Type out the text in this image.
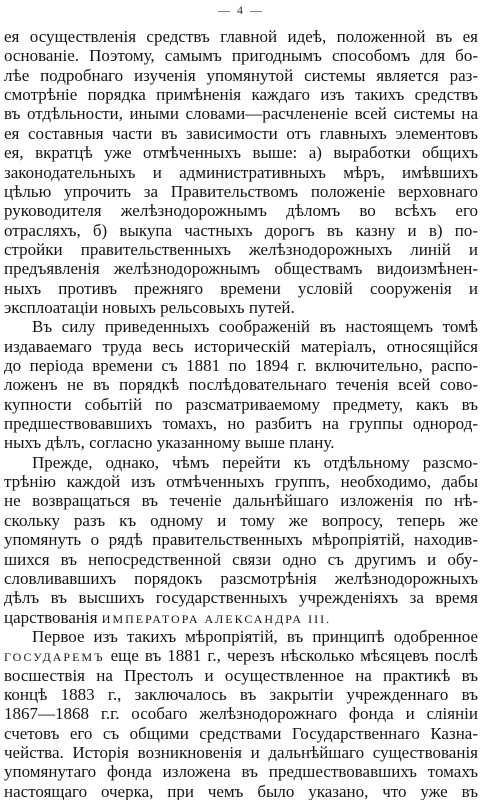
— 4 —
ея осуществленія средствъ главной идеѣ, положенной въ ея
основаніе. Поэтому, самымъ пригоднымъ способомъ для бо-
лѣе подробнаго изученія упомянутой системы является раз-
смотрѣніе порядка примѣненія каждаго изъ такихъ средствъ
въ отдѣльности, иными словами—расчлененіе всей системы на
ея составныя части въ зависимости отъ главныхъ элементовъ
ея, вкратцѣ уже отмѣченныхъ выше: а) выработки общихъ
законодательныхъ и административныхъ мѣръ, имѣвшихъ
цѣлью упрочить за Правительствомъ положеніе верховнаго
руководителя желѣзнодорожнымъ дѣломъ во всѣхъ его
отрасляхъ, б) выкупа частныхъ дорогъ въ казну и в) по-
стройки правительственныхъ желѣзнодорожныхъ линій и
предъявленія желѣзнодорожнымъ обществамъ видоизмѣнен-
ныхъ противъ прежняго времени условій сооруженія и
эксплоатаціи новыхъ рельсовыхъ путей.
Въ силу приведенныхъ соображеній въ настоящемъ томѣ
издаваемаго труда весь историческій матеріалъ, относящійся
до періода времени съ 1881 по 1894 г. включительно, распо-
ложенъ не въ порядкѣ послѣдовательнаго теченія всей сово-
купности событій по разсматриваемому предмету, какъ въ
предшествовавшихъ томахъ, но разбитъ на группы однород-
ныхъ дѣлъ, согласно указанному выше плану.
Прежде, однако, чѣмъ перейти къ отдѣльному разсмо-
трѣнію каждой изъ отмѣченныхъ группъ, необходимо, дабы
не возвращаться въ теченіе дальнѣйшаго изложенія по нѣ-
скольку разъ къ одному и тому же вопросу, теперь же
упомянуть о рядѣ правительственныхъ мѣропріятій, находив-
шихся въ непосредственной связи одно съ другимъ и обу-
словливавшихъ порядокъ разсмотрѣнія желѣзнодорожныхъ
дѣлъ въ высшихъ государственныхъ учрежденіяхъ за время
царствованія ИМПЕРАТОРА АЛЕКСАНДРА III.
Первое изъ такихъ мѣропріятій, въ принципѣ одобренное
ГОСУДАРЕМЪ еще въ 1881 г., черезъ нѣсколько мѣсяцевъ послѣ
восшествія на Престолъ и осуществленное на практикѣ въ
концѣ 1883 г., заключалось въ закрытіи учрежденнаго въ
1867—1868 г.г. особаго желѣзнодорожнаго фонда и сліяніи
счетовъ его съ общими средствами Государственнаго Казна-
чейства. Исторія возникновенія и дальнѣйшаго существованія
упомянутаго фонда изложена въ предшествовавшихъ томахъ
настоящаго очерка, при чемъ было указано, что уже въ
